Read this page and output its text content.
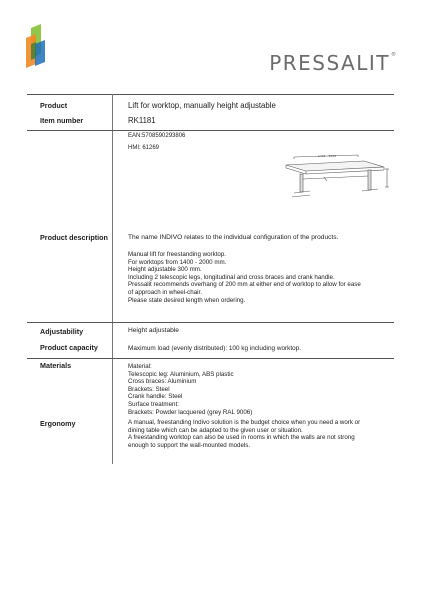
PRESSALIT®
Product	Lift for worktop, manually height adjustable
Item number	RK1181
EAN:5708590293806
HMI: 61269
1401 - 2000
Product description	The name INDIVO relates to the individual configuration of the products.
Manual lift for freestanding worktop.
For worktops from 1400 - 2000 mm.
Height adjustable 300 mm.
Including 2 telescopic legs, longitudinal and cross braces and crank handle.
Pressalit recommends overhang of 200 mm at either end of worktop to allow for ease
of approach in wheel-chair.
Please state desired length when ordering.
Adjustability	Height adjustable
Product capacity	Maximum load (evenly distributed): 100 kg including worktop.
Materials	Material:
Telescopic leg: Aluminium, ABS plastic
Cross braces: Aluminium
Brackets: Steel
Crank handle: Steel
Surface treatment:
Brackets: Powder lacquered (grey RAL 9006)
Ergonomy	A manual, freestanding Indivo solution is the budget choice when you need a work or
dining table which can be adapted to the given user or situation.
A freestanding worktop can also be used in rooms in which the walls are not strong
enough to support the wall-mounted models.
